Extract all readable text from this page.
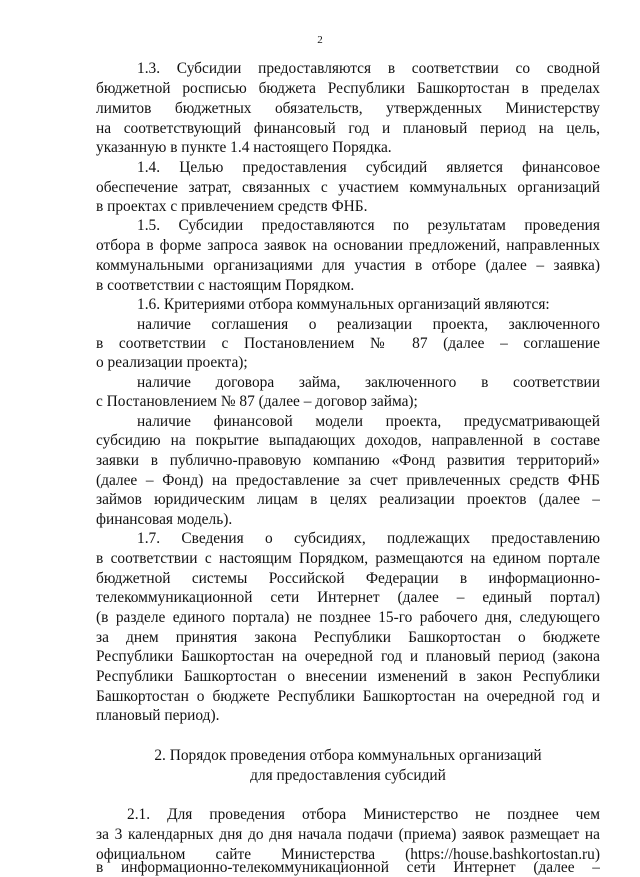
2
1.3. Субсидии предоставляются в соответствии со сводной
бюджетной росписью бюджета Республики Башкортостан в пределах
лимитов бюджетных обязательств, утвержденных Министерству
на соответствующий финансовый год и плановый период на цель,
указанную в пункте 1.4 настоящего Порядка.
1.4. Целью предоставления субсидий является финансовое
обеспечение затрат, связанных с участием коммунальных организаций
в проектах с привлечением средств ФНБ.
1.5. Субсидии предоставляются по результатам проведения
отбора в форме запроса заявок на основании предложений, направленных
коммунальными организациями для участия в отборе (далее – заявка)
в соответствии с настоящим Порядком.
1.6. Критериями отбора коммунальных организаций являются:
наличие соглашения о реализации проекта, заключенного
в соответствии с Постановлением № 87 (далее – соглашение
о реализации проекта);
наличие договора займа, заключенного в соответствии
с Постановлением № 87 (далее – договор займа);
наличие финансовой модели проекта, предусматривающей
субсидию на покрытие выпадающих доходов, направленной в составе
заявки в публично-правовую компанию «Фонд развития территорий»
(далее – Фонд) на предоставление за счет привлеченных средств ФНБ
займов юридическим лицам в целях реализации проектов (далее –
финансовая модель).
1.7. Сведения о субсидиях, подлежащих предоставлению
в соответствии с настоящим Порядком, размещаются на едином портале
бюджетной системы Российской Федерации в информационно-
телекоммуникационной сети Интернет (далее – единый портал)
(в разделе единого портала) не позднее 15-го рабочего дня, следующего
за днем принятия закона Республики Башкортостан о бюджете
Республики Башкортостан на очередной год и плановый период (закона
Республики Башкортостан о внесении изменений в закон Республики
Башкортостан о бюджете Республики Башкортостан на очередной год и
плановый период).
2. Порядок проведения отбора коммунальных организаций
для предоставления субсидий
2.1. Для проведения отбора Министерство не позднее чем
за 3 календарных дня до дня начала подачи (приема) заявок размещает на
официальном сайте Министерства (https://house.bashkortostan.ru)
в информационно-телекоммуникационной сети Интернет (далее –
